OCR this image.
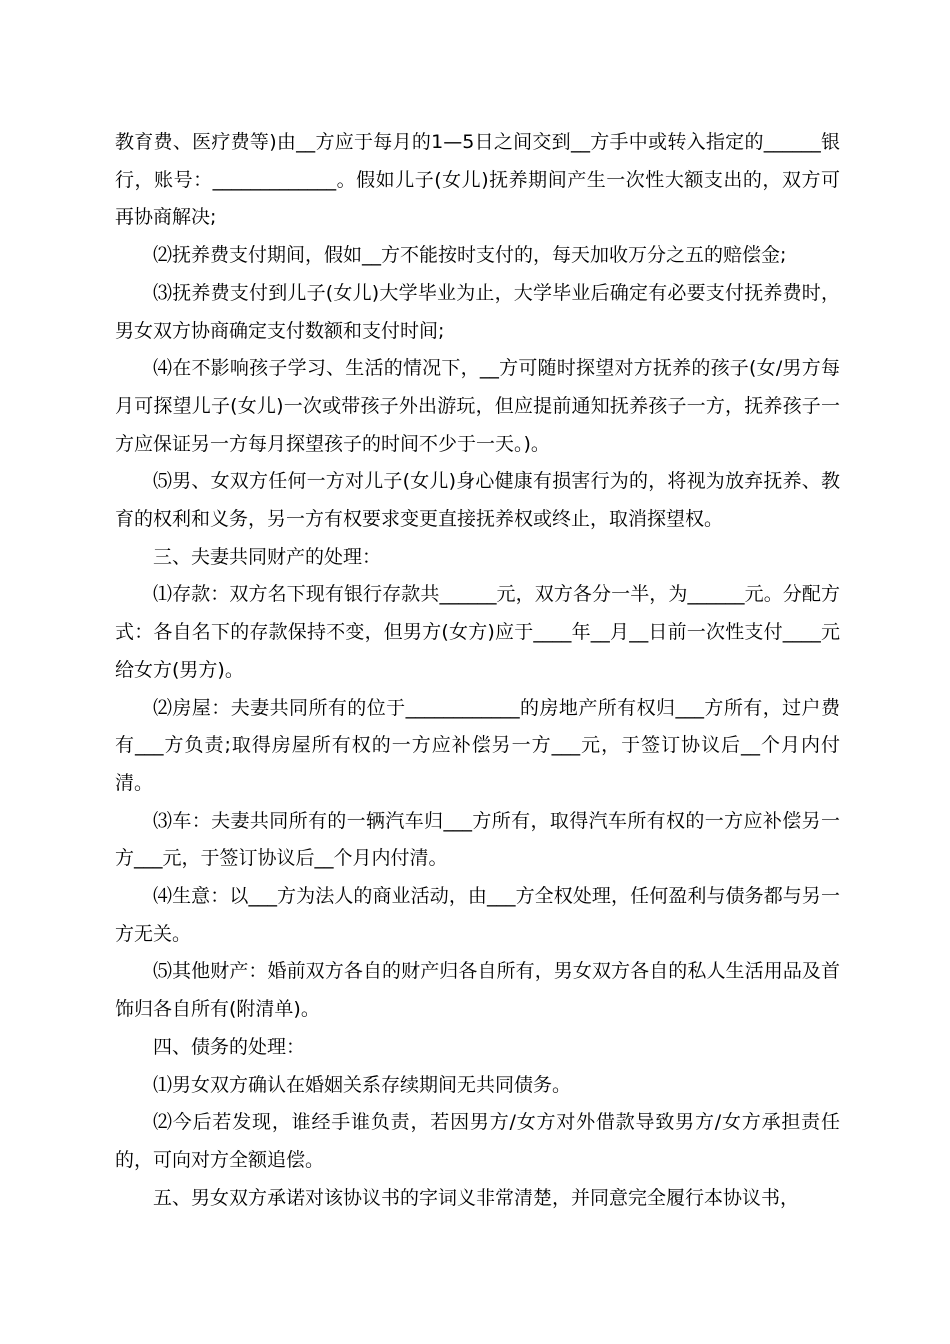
教育费、医疗费等)由__方应于每月的1—5日之间交到__方手中或转入指定的______银行，账号：_____________。假如儿子(女儿)抚养期间产生一次性大额支出的，双方可再协商解决;

⑵抚养费支付期间，假如__方不能按时支付的，每天加收万分之五的赔偿金;

⑶抚养费支付到儿子(女儿)大学毕业为止，大学毕业后确定有必要支付抚养费时，男女双方协商确定支付数额和支付时间;

⑷在不影响孩子学习、生活的情况下，__方可随时探望对方抚养的孩子(女/男方每月可探望儿子(女儿)一次或带孩子外出游玩，但应提前通知抚养孩子一方，抚养孩子一方应保证另一方每月探望孩子的时间不少于一天。)。

⑸男、女双方任何一方对儿子(女儿)身心健康有损害行为的，将视为放弃抚养、教育的权利和义务，另一方有权要求变更直接抚养权或终止，取消探望权。

三、夫妻共同财产的处理：

⑴存款：双方名下现有银行存款共______元，双方各分一半，为______元。分配方式：各自名下的存款保持不变，但男方(女方)应于____年__月__日前一次性支付____元给女方(男方)。

⑵房屋：夫妻共同所有的位于____________的房地产所有权归___方所有，过户费有___方负责;取得房屋所有权的一方应补偿另一方___元，于签订协议后__个月内付清。

⑶车：夫妻共同所有的一辆汽车归___方所有，取得汽车所有权的一方应补偿另一方___元，于签订协议后__个月内付清。

⑷生意：以___方为法人的商业活动，由___方全权处理，任何盈利与债务都与另一方无关。

⑸其他财产：婚前双方各自的财产归各自所有，男女双方各自的私人生活用品及首饰归各自所有(附清单)。

四、债务的处理：

⑴男女双方确认在婚姻关系存续期间无共同债务。

⑵今后若发现，谁经手谁负责，若因男方/女方对外借款导致男方/女方承担责任的，可向对方全额追偿。

五、男女双方承诺对该协议书的字词义非常清楚，并同意完全履行本协议书，
